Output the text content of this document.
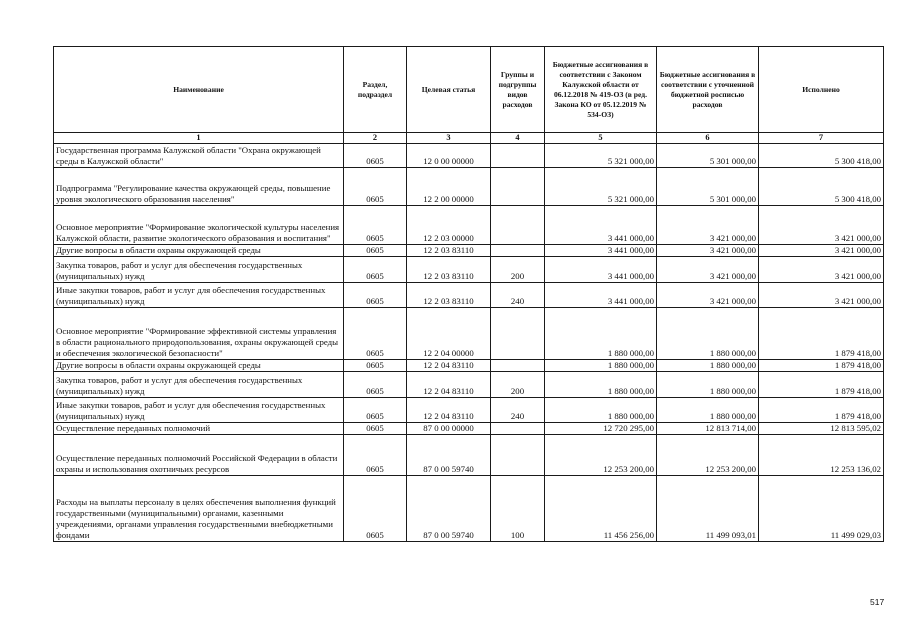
Наименование	Раздел, подраздел	Целевая статья	Группы и подгруппы видов расходов	Бюджетные ассигнования в соответствии с Законом Калужской области от 06.12.2018 № 419-ОЗ (в ред. Закона КО от 05.12.2019 № 534-ОЗ)	Бюджетные ассигнования в соответствии с уточненной бюджетной росписью расходов	Исполнено
1	2	3	4	5	6	7
Государственная программа Калужской области "Охрана окружающей среды в Калужской области"	0605	12 0 00 00000		5 321 000,00	5 301 000,00	5 300 418,00
Подпрограмма "Регулирование качества окружающей среды, повышение уровня экологического образования населения"	0605	12 2 00 00000		5 321 000,00	5 301 000,00	5 300 418,00
Основное мероприятие "Формирование экологической культуры населения Калужской области, развитие экологического образования и воспитания"	0605	12 2 03 00000		3 441 000,00	3 421 000,00	3 421 000,00
Другие вопросы в области охраны окружающей среды	0605	12 2 03 83110		3 441 000,00	3 421 000,00	3 421 000,00
Закупка товаров, работ и услуг для обеспечения государственных (муниципальных) нужд	0605	12 2 03 83110	200	3 441 000,00	3 421 000,00	3 421 000,00
Иные закупки товаров, работ и услуг для обеспечения государственных (муниципальных) нужд	0605	12 2 03 83110	240	3 441 000,00	3 421 000,00	3 421 000,00
Основное мероприятие "Формирование эффективной системы управления в области рационального природопользования, охраны окружающей среды и обеспечения экологической безопасности"	0605	12 2 04 00000		1 880 000,00	1 880 000,00	1 879 418,00
Другие вопросы в области охраны окружающей среды	0605	12 2 04 83110		1 880 000,00	1 880 000,00	1 879 418,00
Закупка товаров, работ и услуг для обеспечения государственных (муниципальных) нужд	0605	12 2 04 83110	200	1 880 000,00	1 880 000,00	1 879 418,00
Иные закупки товаров, работ и услуг для обеспечения государственных (муниципальных) нужд	0605	12 2 04 83110	240	1 880 000,00	1 880 000,00	1 879 418,00
Осуществление переданных полномочий	0605	87 0 00 00000		12 720 295,00	12 813 714,00	12 813 595,02
Осуществление переданных полномочий Российской Федерации в области охраны и использования охотничьих ресурсов	0605	87 0 00 59740		12 253 200,00	12 253 200,00	12 253 136,02
Расходы на выплаты персоналу в целях обеспечения выполнения функций государственными (муниципальными) органами, казенными учреждениями, органами управления государственными внебюджетными фондами	0605	87 0 00 59740	100	11 456 256,00	11 499 093,01	11 499 029,03
517
